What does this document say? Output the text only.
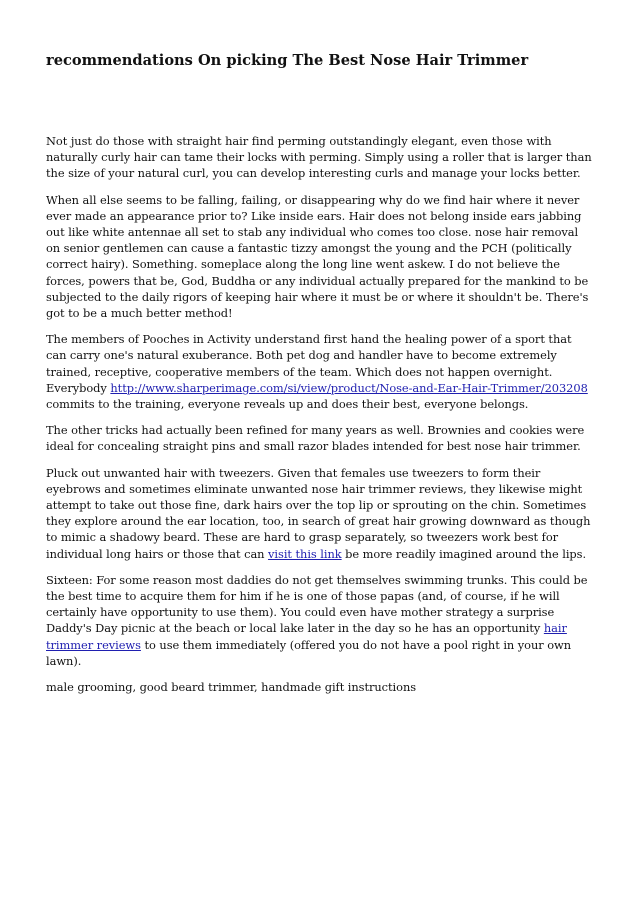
recommendations On picking The Best Nose Hair Trimmer

Not just do those with straight hair find perming outstandingly elegant, even those with naturally curly hair can tame their locks with perming. Simply using a roller that is larger than the size of your natural curl, you can develop interesting curls and manage your locks better.

When all else seems to be falling, failing, or disappearing why do we find hair where it never ever made an appearance prior to? Like inside ears. Hair does not belong inside ears jabbing out like white antennae all set to stab any individual who comes too close. nose hair removal on senior gentlemen can cause a fantastic tizzy amongst the young and the PCH (politically correct hairy). Something. someplace along the long line went askew. I do not believe the forces, powers that be, God, Buddha or any individual actually prepared for the mankind to be subjected to the daily rigors of keeping hair where it must be or where it shouldn't be. There's got to be a much better method!

The members of Pooches in Activity understand first hand the healing power of a sport that can carry one's natural exuberance. Both pet dog and handler have to become extremely trained, receptive, cooperative members of the team. Which does not happen overnight. Everybody http://www.sharperimage.com/si/view/product/Nose-and-Ear-Hair-Trimmer/203208 commits to the training, everyone reveals up and does their best, everyone belongs.

The other tricks had actually been refined for many years as well. Brownies and cookies were ideal for concealing straight pins and small razor blades intended for best nose hair trimmer.

Pluck out unwanted hair with tweezers. Given that females use tweezers to form their eyebrows and sometimes eliminate unwanted nose hair trimmer reviews, they likewise might attempt to take out those fine, dark hairs over the top lip or sprouting on the chin. Sometimes they explore around the ear location, too, in search of great hair growing downward as though to mimic a shadowy beard. These are hard to grasp separately, so tweezers work best for individual long hairs or those that can visit this link be more readily imagined around the lips.

Sixteen: For some reason most daddies do not get themselves swimming trunks. This could be the best time to acquire them for him if he is one of those papas (and, of course, if he will certainly have opportunity to use them). You could even have mother strategy a surprise Daddy's Day picnic at the beach or local lake later in the day so he has an opportunity hair trimmer reviews to use them immediately (offered you do not have a pool right in your own lawn).

male grooming, good beard trimmer, handmade gift instructions
